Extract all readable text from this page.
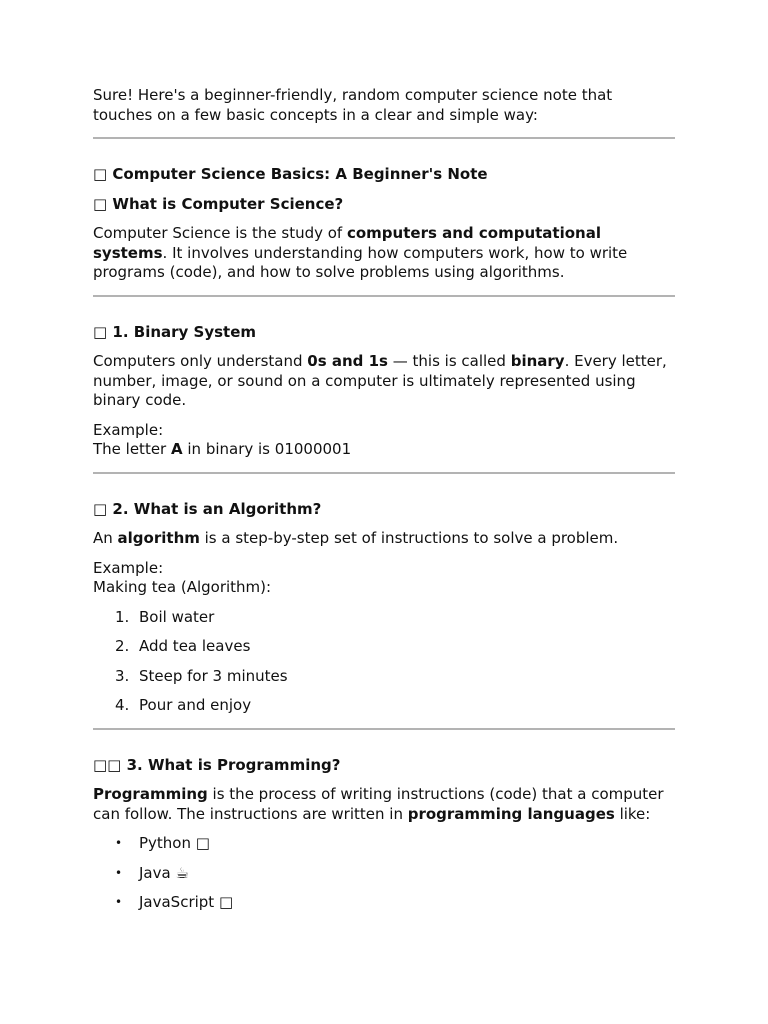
Sure! Here's a beginner-friendly, random computer science note that touches on a few basic concepts in a clear and simple way:

□ Computer Science Basics: A Beginner's Note
□ What is Computer Science?

Computer Science is the study of computers and computational systems. It involves understanding how computers work, how to write programs (code), and how to solve problems using algorithms.

□ 1. Binary System

Computers only understand 0s and 1s — this is called binary. Every letter, number, image, or sound on a computer is ultimately represented using binary code.

Example:
The letter A in binary is 01000001

□ 2. What is an Algorithm?

An algorithm is a step-by-step set of instructions to solve a problem.

Example:
Making tea (Algorithm):

1. Boil water
2. Add tea leaves
3. Steep for 3 minutes
4. Pour and enjoy
□□ 3. What is Programming?

Programming is the process of writing instructions (code) that a computer can follow. The instructions are written in programming languages like:

• Python □
• Java ☕
• JavaScript □
